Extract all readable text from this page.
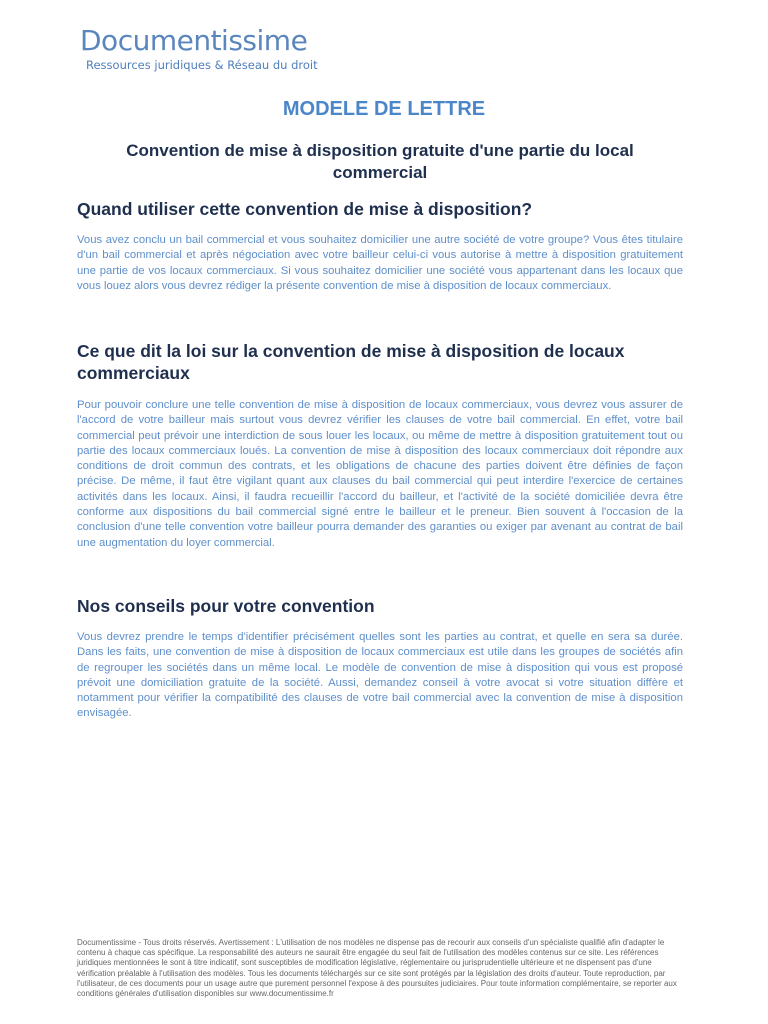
Documentissime
Ressources juridiques & Réseau du droit
MODELE DE LETTRE
Convention de mise à disposition gratuite d'une partie du local commercial
Quand utiliser cette convention de mise à disposition?

Vous avez conclu un bail commercial et vous souhaitez domicilier une autre société de votre groupe? Vous êtes titulaire d'un bail commercial et après négociation avec votre bailleur celui-ci vous autorise à mettre à disposition gratuitement une partie de vos locaux commerciaux. Si vous souhaitez domicilier une société vous appartenant dans les locaux que vous louez alors vous devrez rédiger la présente convention de mise à disposition de locaux commerciaux.

Ce que dit la loi sur la convention de mise à disposition de locaux commerciaux

Pour pouvoir conclure une telle convention de mise à disposition de locaux commerciaux, vous devrez vous assurer de l'accord de votre bailleur mais surtout vous devrez vérifier les clauses de votre bail commercial. En effet, votre bail commercial peut prévoir une interdiction de sous louer les locaux, ou même de mettre à disposition gratuitement tout ou partie des locaux commerciaux loués. La convention de mise à disposition des locaux commerciaux doit répondre aux conditions de droit commun des contrats, et les obligations de chacune des parties doivent être définies de façon précise. De même, il faut être vigilant quant aux clauses du bail commercial qui peut interdire l'exercice de certaines activités dans les locaux. Ainsi, il faudra recueillir l'accord du bailleur, et l'activité de la société domiciliée devra être conforme aux dispositions du bail commercial signé entre le bailleur et le preneur. Bien souvent à l'occasion de la conclusion d'une telle convention votre bailleur pourra demander des garanties ou exiger par avenant au contrat de bail une augmentation du loyer commercial.

Nos conseils pour votre convention

Vous devrez prendre le temps d'identifier précisément quelles sont les parties au contrat, et quelle en sera sa durée. Dans les faits, une convention de mise à disposition de locaux commerciaux est utile dans les groupes de sociétés afin de regrouper les sociétés dans un même local. Le modèle de convention de mise à disposition qui vous est proposé prévoit une domiciliation gratuite de la société. Aussi, demandez conseil à votre avocat si votre situation diffère et notamment pour vérifier la compatibilité des clauses de votre bail commercial avec la convention de mise à disposition envisagée.

Documentissime - Tous droits réservés. Avertissement : L'utilisation de nos modèles ne dispense pas de recourir aux conseils d'un spécialiste qualifié afin d'adapter le contenu à chaque cas spécifique. La responsabilité des auteurs ne saurait être engagée du seul fait de l'utilisation des modèles contenus sur ce site. Les références juridiques mentionnées le sont à titre indicatif, sont susceptibles de modification législative, réglementaire ou jurisprudentielle ultérieure et ne dispensent pas d'une vérification préalable à l'utilisation des modèles. Tous les documents téléchargés sur ce site sont protégés par la législation des droits d'auteur. Toute reproduction, par l'utilisateur, de ces documents pour un usage autre que purement personnel l'expose à des poursuites judiciaires. Pour toute information complémentaire, se reporter aux conditions générales d'utilisation disponibles sur www.documentissime.fr
